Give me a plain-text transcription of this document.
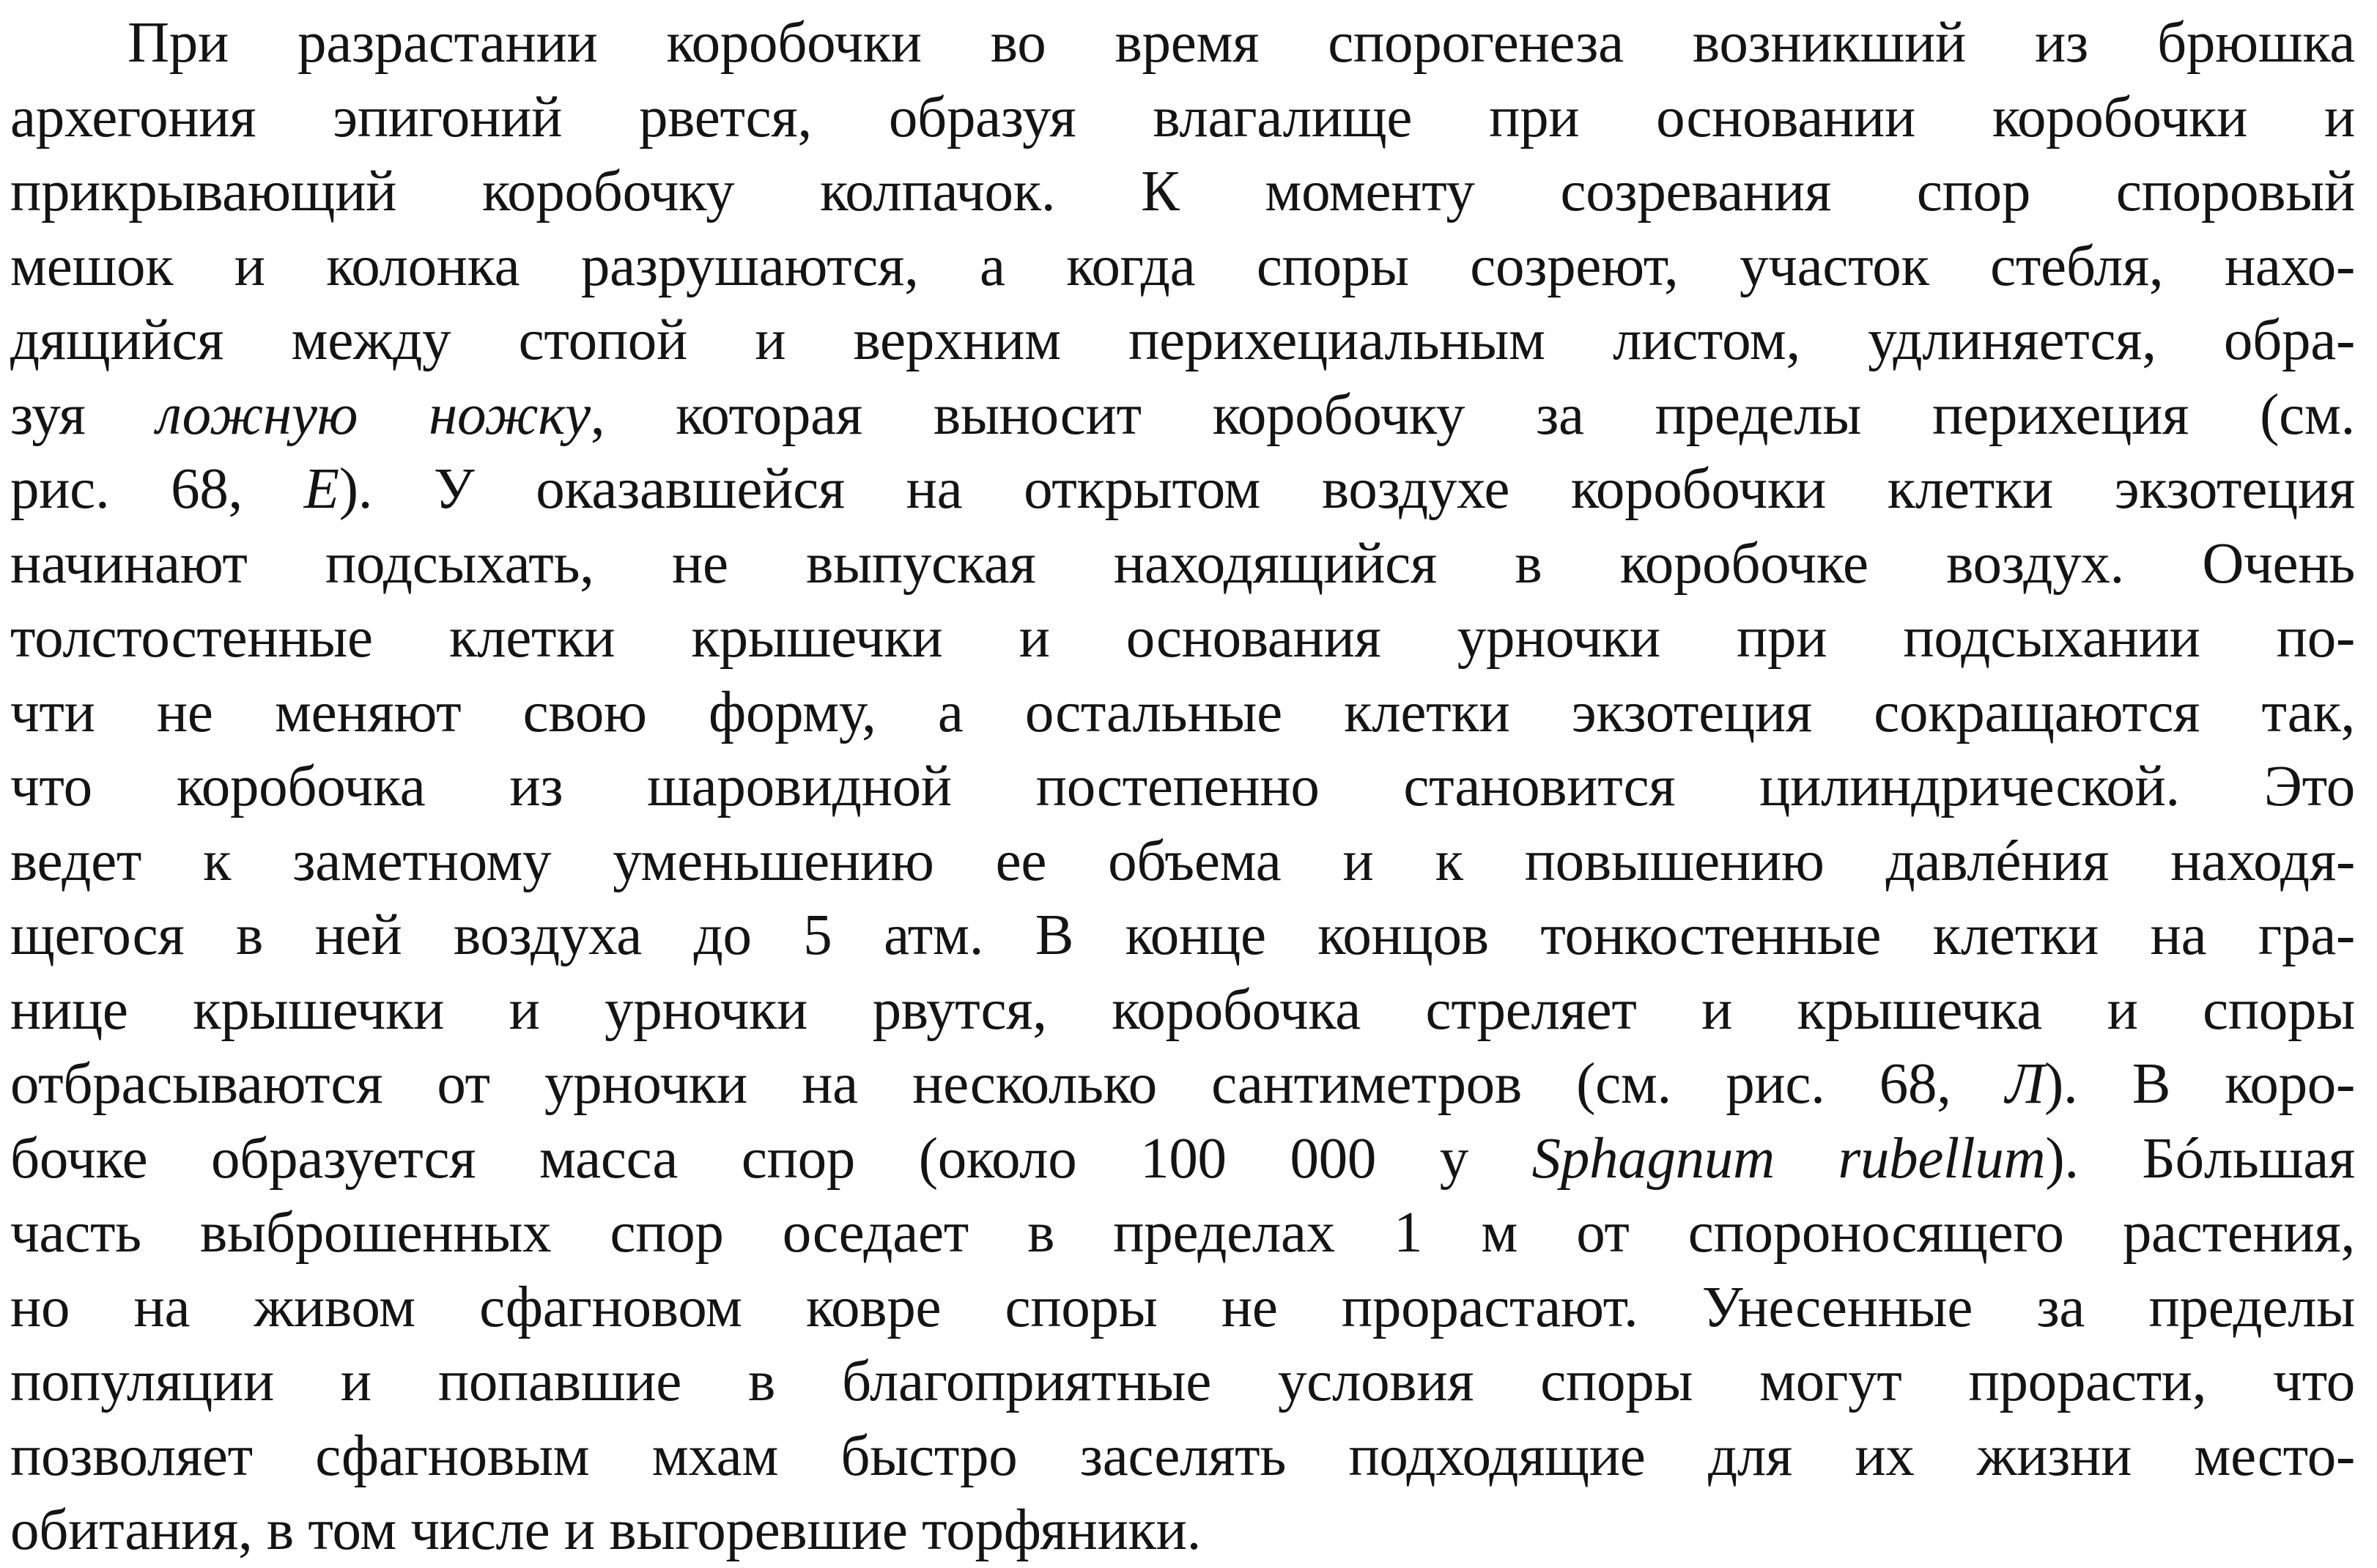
При разрастании коробочки во время спорогенеза возникший из брюшка
архегония эпигоний рвется, образуя влагалище при основании коробочки и
прикрывающий коробочку колпачок. К моменту созревания спор споровый
мешок и колонка разрушаются, а когда споры созреют, участок стебля, нахо-
дящийся между стопой и верхним перихециальным листом, удлиняется, обра-
зуя ложную ножку, которая выносит коробочку за пределы перихеция (см.
рис. 68, Е). У оказавшейся на открытом воздухе коробочки клетки экзотеция
начинают подсыхать, не выпуская находящийся в коробочке воздух. Очень
толстостенные клетки крышечки и основания урночки при подсыхании по-
чти не меняют свою форму, а остальные клетки экзотеция сокращаются так,
что коробочка из шаровидной постепенно становится цилиндрической. Это
ведет к заметному уменьшению ее объема и к повышению давлéния находя-
щегося в ней воздуха до 5 атм. В конце концов тонкостенные клетки на гра-
нице крышечки и урночки рвутся, коробочка стреляет и крышечка и споры
отбрасываются от урночки на несколько сантиметров (см. рис. 68, Л). В коро-
бочке образуется масса спор (около 100 000 у Sphagnum rubellum). Бóльшая
часть выброшенных спор оседает в пределах 1 м от спороносящего растения,
но на живом сфагновом ковре споры не прорастают. Унесенные за пределы
популяции и попавшие в благоприятные условия споры могут прорасти, что
позволяет сфагновым мхам быстро заселять подходящие для их жизни место-
обитания, в том числе и выгоревшие торфяники.
